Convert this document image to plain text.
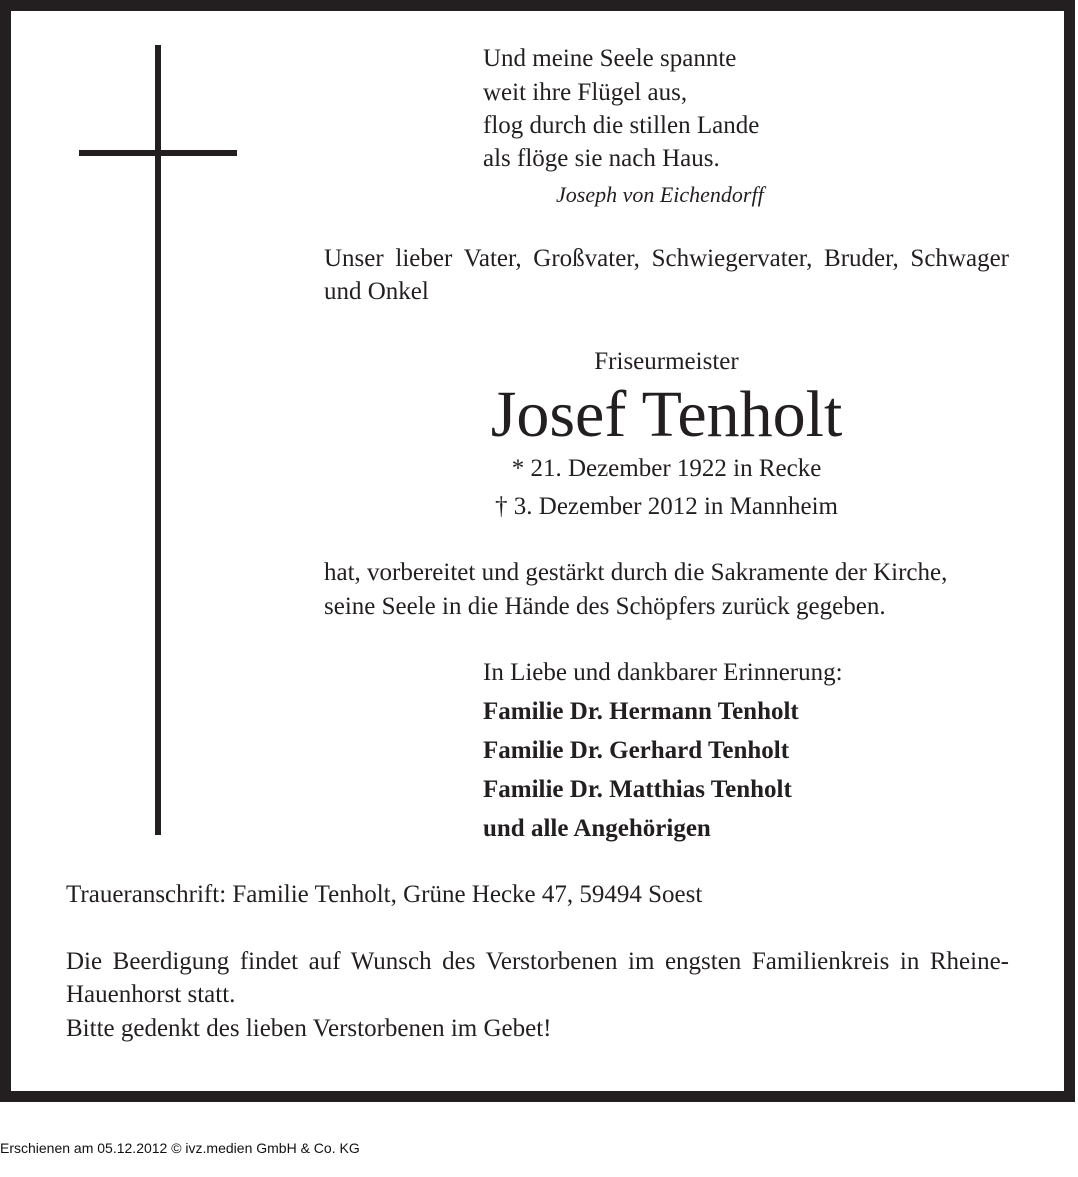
Und meine Seele spannte
weit ihre Flügel aus,
flog durch die stillen Lande
als flöge sie nach Haus.
Joseph von Eichendorff
Unser lieber Vater, Großvater, Schwiegervater, Bruder, Schwager und Onkel
Friseurmeister
Josef Tenholt
* 21. Dezember 1922 in Recke
† 3. Dezember 2012 in Mannheim
hat, vorbereitet und gestärkt durch die Sakramente der Kirche,
seine Seele in die Hände des Schöpfers zurück gegeben.
In Liebe und dankbarer Erinnerung:
Familie Dr. Hermann Tenholt
Familie Dr. Gerhard Tenholt
Familie Dr. Matthias Tenholt
und alle Angehörigen
Traueranschrift: Familie Tenholt, Grüne Hecke 47, 59494 Soest
Die Beerdigung findet auf Wunsch des Verstorbenen im engsten Familienkreis in Rheine-Hauenhorst statt.
Bitte gedenkt des lieben Verstorbenen im Gebet!
Erschienen am 05.12.2012 © ivz.medien GmbH & Co. KG
